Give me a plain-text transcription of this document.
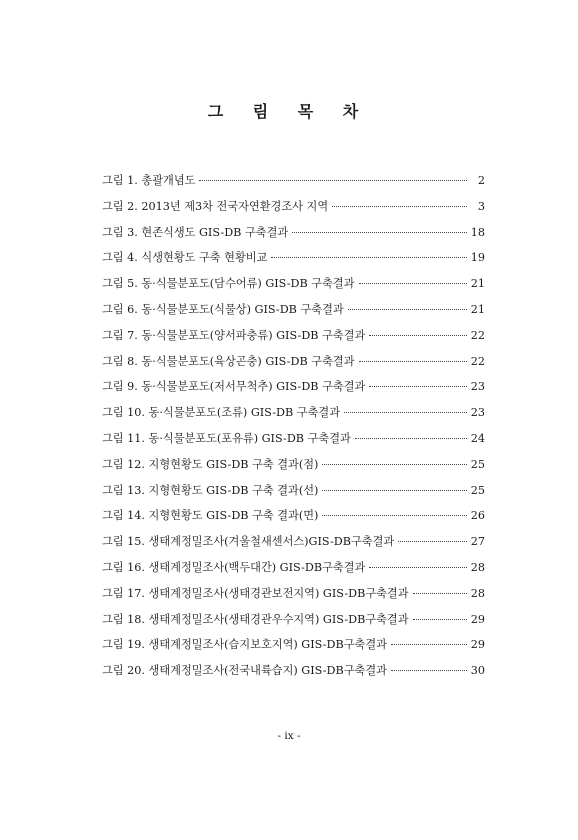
그 림 목 차
그림 1. 총괄개념도	2
그림 2. 2013년 제3차 전국자연환경조사 지역	3
그림 3. 현존식생도 GIS-DB 구축결과	18
그림 4. 식생현황도 구축 현황비교	19
그림 5. 동·식물분포도(담수어류) GIS-DB 구축결과	21
그림 6. 동·식물분포도(식물상) GIS-DB 구축결과	21
그림 7. 동·식물분포도(양서파충류) GIS-DB 구축결과	22
그림 8. 동·식물분포도(육상곤충) GIS-DB 구축결과	22
그림 9. 동·식물분포도(저서무척추) GIS-DB 구축결과	23
그림 10. 동·식물분포도(조류) GIS-DB 구축결과	23
그림 11. 동·식물분포도(포유류) GIS-DB 구축결과	24
그림 12. 지형현황도 GIS-DB 구축 결과(점)	25
그림 13. 지형현황도 GIS-DB 구축 결과(선)	25
그림 14. 지형현황도 GIS-DB 구축 결과(면)	26
그림 15. 생태계정밀조사(겨울철새센서스)GIS-DB구축결과	27
그림 16. 생태계정밀조사(백두대간) GIS-DB구축결과	28
그림 17. 생태계정밀조사(생태경관보전지역) GIS-DB구축결과	28
그림 18. 생태계정밀조사(생태경관우수지역) GIS-DB구축결과	29
그림 19. 생태계정밀조사(습지보호지역) GIS-DB구축결과	29
그림 20. 생태계정밀조사(전국내륙습지) GIS-DB구축결과	30
- ix -
